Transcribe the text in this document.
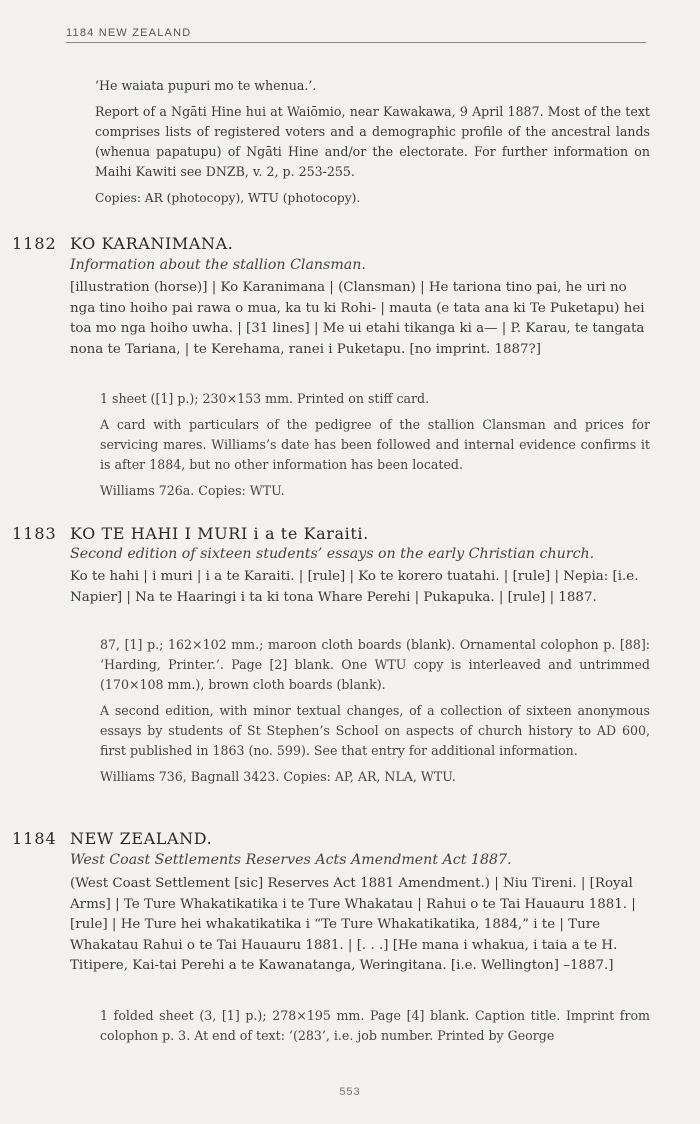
1184 NEW ZEALAND
‘He waiata pupuri mo te whenua.’.
Report of a Ngāti Hine hui at Waiōmio, near Kawakawa, 9 April 1887. Most of the text comprises lists of registered voters and a demographic profile of the ancestral lands (whenua papatupu) of Ngāti Hine and/or the electorate. For further information on Maihi Kawiti see DNZB, v. 2, p. 253-255.
Copies: AR (photocopy), WTU (photocopy).
1182 KO KARANIMANA.
Information about the stallion Clansman.
[illustration (horse)] | Ko Karanimana | (Clansman) | He tariona tino pai, he uri no nga tino hoiho pai rawa o mua, ka tu ki Rohi- | mauta (e tata ana ki Te Puketapu) hei toa mo nga hoiho uwha. | [31 lines] | Me ui etahi tikanga ki a— | P. Karau, te tangata nona te Tariana, | te Kerehama, ranei i Puketapu. [no imprint. 1887?]
1 sheet ([1] p.); 230×153 mm. Printed on stiff card.
A card with particulars of the pedigree of the stallion Clansman and prices for servicing mares. Williams’s date has been followed and internal evidence confirms it is after 1884, but no other information has been located.
Williams 726a. Copies: WTU.
1183 KO TE HAHI I MURI i a te Karaiti.
Second edition of sixteen students’ essays on the early Christian church.
Ko te hahi | i muri | i a te Karaiti. | [rule] | Ko te korero tuatahi. | [rule] | Nepia: [i.e. Napier] | Na te Haaringi i ta ki tona Whare Perehi | Pukapuka. | [rule] | 1887.
87, [1] p.; 162×102 mm.; maroon cloth boards (blank). Ornamental colophon p. [88]: ‘Harding, Printer.’. Page [2] blank. One WTU copy is interleaved and untrimmed (170×108 mm.), brown cloth boards (blank).
A second edition, with minor textual changes, of a collection of sixteen anonymous essays by students of St Stephen’s School on aspects of church history to AD 600, first published in 1863 (no. 599). See that entry for additional information.
Williams 736, Bagnall 3423. Copies: AP, AR, NLA, WTU.
1184 NEW ZEALAND.
West Coast Settlements Reserves Acts Amendment Act 1887.
(West Coast Settlement [sic] Reserves Act 1881 Amendment.) | Niu Tireni. | [Royal Arms] | Te Ture Whakatikatika i te Ture Whakatau | Rahui o te Tai Hauauru 1881. | [rule] | He Ture hei whakatikatika i “Te Ture Whakatikatika, 1884,” i te | Ture Whakatau Rahui o te Tai Hauauru 1881. | [. . .] [He mana i whakua, i taia a te H. Titipere, Kai-tai Perehi a te Kawanatanga, Weringitana. [i.e. Wellington] –1887.]
1 folded sheet (3, [1] p.); 278×195 mm. Page [4] blank. Caption title. Imprint from colophon p. 3. At end of text: ‘(283’, i.e. job number. Printed by George
553
